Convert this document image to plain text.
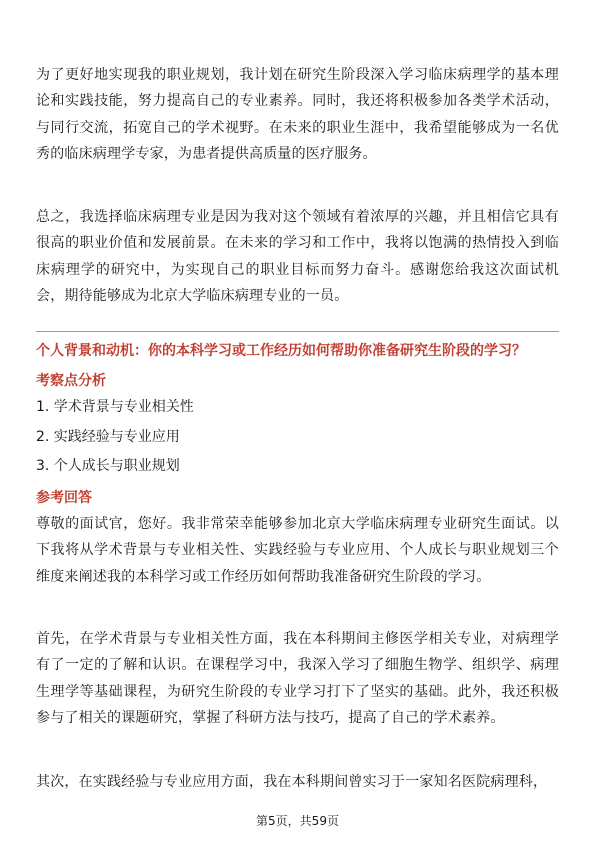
为了更好地实现我的职业规划，我计划在研究生阶段深入学习临床病理学的基本理论和实践技能，努力提高自己的专业素养。同时，我还将积极参加各类学术活动，与同行交流，拓宽自己的学术视野。在未来的职业生涯中，我希望能够成为一名优秀的临床病理学专家，为患者提供高质量的医疗服务。

总之，我选择临床病理专业是因为我对这个领域有着浓厚的兴趣，并且相信它具有很高的职业价值和发展前景。在未来的学习和工作中，我将以饱满的热情投入到临床病理学的研究中，为实现自己的职业目标而努力奋斗。感谢您给我这次面试机会，期待能够成为北京大学临床病理专业的一员。

个人背景和动机：你的本科学习或工作经历如何帮助你准备研究生阶段的学习？

考察点分析

1. 学术背景与专业相关性

2. 实践经验与专业应用

3. 个人成长与职业规划

参考回答

尊敬的面试官，您好。我非常荣幸能够参加北京大学临床病理专业研究生面试。以下我将从学术背景与专业相关性、实践经验与专业应用、个人成长与职业规划三个维度来阐述我的本科学习或工作经历如何帮助我准备研究生阶段的学习。

首先，在学术背景与专业相关性方面，我在本科期间主修医学相关专业，对病理学有了一定的了解和认识。在课程学习中，我深入学习了细胞生物学、组织学、病理生理学等基础课程，为研究生阶段的专业学习打下了坚实的基础。此外，我还积极参与了相关的课题研究，掌握了科研方法与技巧，提高了自己的学术素养。

其次，在实践经验与专业应用方面，我在本科期间曾实习于一家知名医院病理科，

第5页，共59页
